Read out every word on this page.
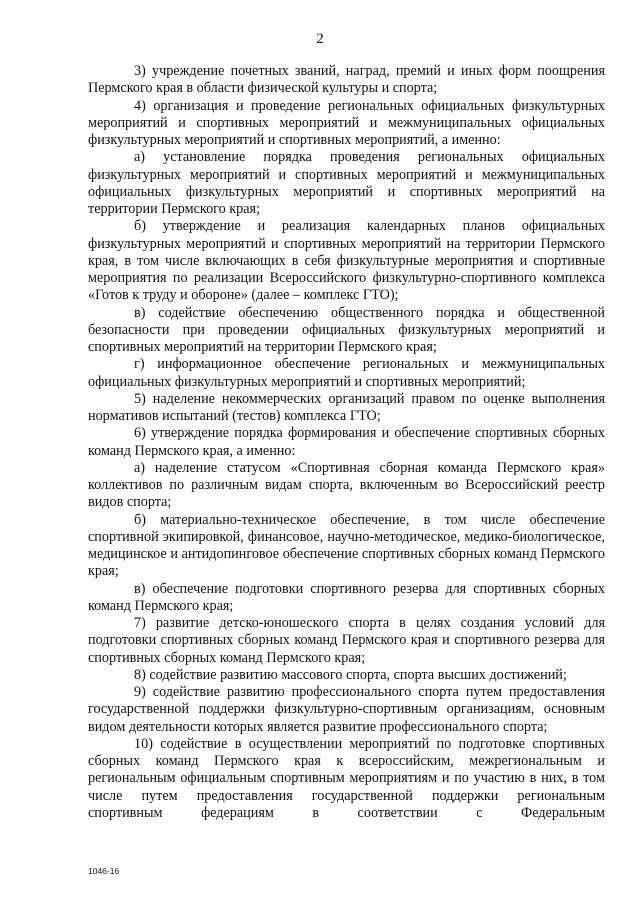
2

3) учреждение почетных званий, наград, премий и иных форм поощрения Пермского края в области физической культуры и спорта;

4) организация и проведение региональных официальных физкультурных мероприятий и спортивных мероприятий и межмуниципальных официальных физкультурных мероприятий и спортивных мероприятий, а именно:

а) установление порядка проведения региональных официальных физкультурных мероприятий и спортивных мероприятий и межмуниципальных официальных физкультурных мероприятий и спортивных мероприятий на территории Пермского края;

б) утверждение и реализация календарных планов официальных физкультурных мероприятий и спортивных мероприятий на территории Пермского края, в том числе включающих в себя физкультурные мероприятия и спортивные мероприятия по реализации Всероссийского физкультурно-спортивного комплекса «Готов к труду и обороне» (далее – комплекс ГТО);

в) содействие обеспечению общественного порядка и общественной безопасности при проведении официальных физкультурных мероприятий и спортивных мероприятий на территории Пермского края;

г) информационное обеспечение региональных и межмуниципальных официальных физкультурных мероприятий и спортивных мероприятий;

5) наделение некоммерческих организаций правом по оценке выполнения нормативов испытаний (тестов) комплекса ГТО;

6) утверждение порядка формирования и обеспечение спортивных сборных команд Пермского края, а именно:

а) наделение статусом «Спортивная сборная команда Пермского края» коллективов по различным видам спорта, включенным во Всероссийский реестр видов спорта;

б) материально-техническое обеспечение, в том числе обеспечение спортивной экипировкой, финансовое, научно-методическое, медико-биологическое, медицинское и антидопинговое обеспечение спортивных сборных команд Пермского края;

в) обеспечение подготовки спортивного резерва для спортивных сборных команд Пермского края;

7) развитие детско-юношеского спорта в целях создания условий для подготовки спортивных сборных команд Пермского края и спортивного резерва для спортивных сборных команд Пермского края;

8) содействие развитию массового спорта, спорта высших достижений;

9) содействие развитию профессионального спорта путем предоставления государственной поддержки физкультурно-спортивным организациям, основным видом деятельности которых является развитие профессионального спорта;

10) содействие в осуществлении мероприятий по подготовке спортивных сборных команд Пермского края к всероссийским, межрегиональным и региональным официальным спортивным мероприятиям и по участию в них, в том числе путем предоставления государственной поддержки региональным спортивным федерациям в соответствии с Федеральным

1046-16
